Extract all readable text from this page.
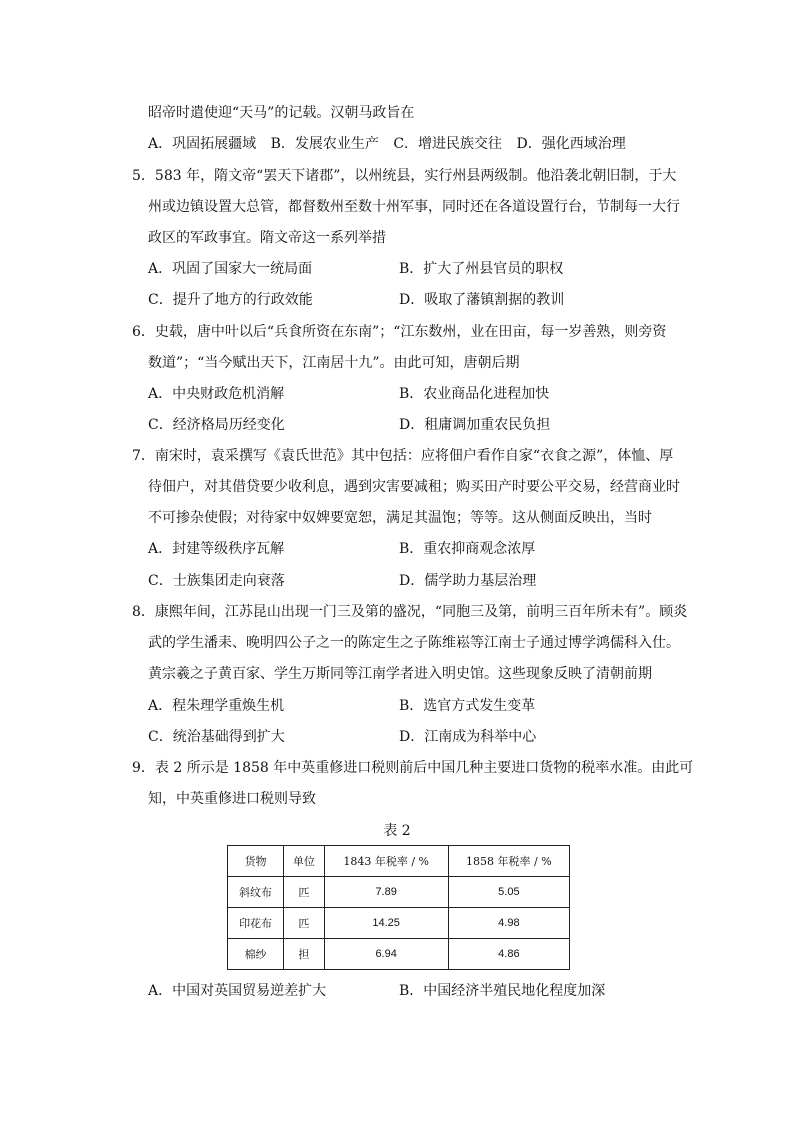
昭帝时遣使迎“天马”的记载。汉朝马政旨在
A．巩固拓展疆域 B．发展农业生产 C．增进民族交往 D．强化西域治理
5．583 年，隋文帝“罢天下诸郡”，以州统县，实行州县两级制。他沿袭北朝旧制，于大
州或边镇设置大总管，都督数州至数十州军事，同时还在各道设置行台，节制每一大行
政区的军政事宜。隋文帝这一系列举措
A．巩固了国家大一统局面	B．扩大了州县官员的职权
C．提升了地方的行政效能	D．吸取了藩镇割据的教训
6．史载，唐中叶以后“兵食所资在东南”；“江东数州，业在田亩，每一岁善熟，则旁资
数道”；“当今赋出天下，江南居十九”。由此可知，唐朝后期
A．中央财政危机消解	B．农业商品化进程加快
C．经济格局历经变化	D．租庸调加重农民负担
7．南宋时，袁采撰写《袁氏世范》其中包括：应将佃户看作自家“衣食之源”，体恤、厚
待佃户，对其借贷要少收利息，遇到灾害要减租；购买田产时要公平交易，经营商业时
不可掺杂使假；对待家中奴婢要宽恕，满足其温饱；等等。这从侧面反映出，当时
A．封建等级秩序瓦解	B．重农抑商观念浓厚
C．士族集团走向衰落	D．儒学助力基层治理
8．康熙年间，江苏昆山出现一门三及第的盛况，“同胞三及第，前明三百年所未有”。顾炎
武的学生潘耒、晚明四公子之一的陈定生之子陈维崧等江南士子通过博学鸿儒科入仕。
黄宗羲之子黄百家、学生万斯同等江南学者进入明史馆。这些现象反映了清朝前期
A．程朱理学重焕生机	B．选官方式发生变革
C．统治基础得到扩大	D．江南成为科举中心
9．表 2 所示是 1858 年中英重修进口税则前后中国几种主要进口货物的税率水准。由此可
知，中英重修进口税则导致
表 2
货物	单位	1843 年税率 / %	1858 年税率 / %
斜纹布	匹	7.89	5.05
印花布	匹	14.25	4.98
棉纱	担	6.94	4.86
A．中国对英国贸易逆差扩大	B．中国经济半殖民地化程度加深
